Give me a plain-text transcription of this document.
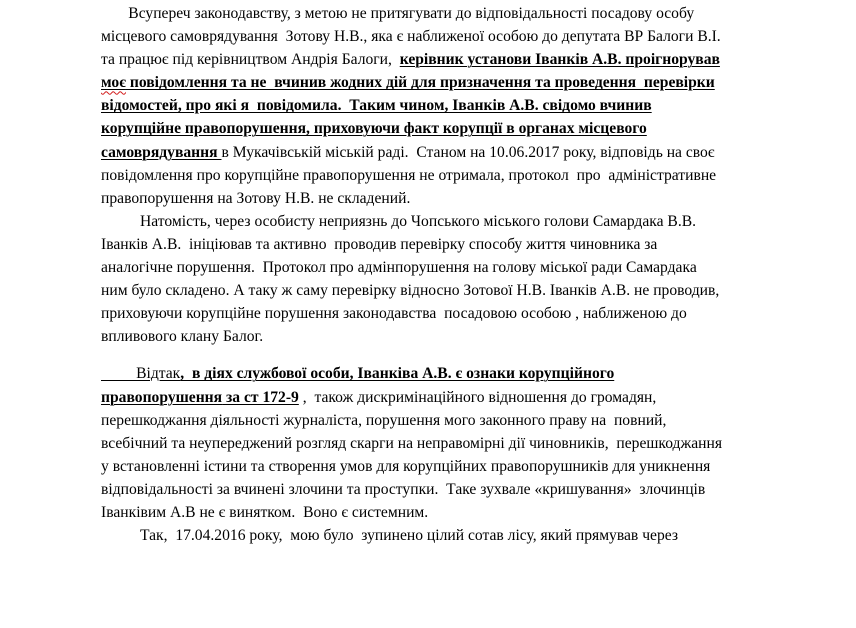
Всупереч законодавству, з метою не притягувати до відповідальності посадову особу
місцевого самоврядування  Зотову Н.В., яка є наближеної особою до депутата ВР Балоги В.І.
та працює під керівництвом Андрія Балоги,  керівник установи Іванків А.В. проігнорував
моє повідомлення та не  вчинив жодних дій для призначення та проведення  перевірки
відомостей, про які я  повідомила.  Таким чином, Іванків А.В. свідомо вчинив
корупційне правопорушення, приховуючи факт корупції в органах місцевого
самоврядування в Мукачівській міській раді.  Станом на 10.06.2017 року, відповідь на своє
повідомлення про корупційне правопорушення не отримала, протокол  про  адміністративне
правопорушення на Зотову Н.В. не складений.
Натомість, через особисту неприязнь до Чопського міського голови Самардака В.В.
Іванків А.В.  ініціював та активно  проводив перевірку способу життя чиновника за
аналогічне порушення.  Протокол про адмінпорушення на голову міської ради Самардака
ним було складено. А таку ж саму перевірку відносно Зотової Н.В. Іванків А.В. не проводив,
приховуючи корупційне порушення законодавства  посадовою особою , наближеною до
впливового клану Балог.
Відтак,  в діях службової особи, Іванківа А.В. є ознаки корупційного
правопорушення за ст 172-9 ,  також дискримінаційного відношення до громадян,
перешкоджання діяльності журналіста, порушення мого законного праву на  повний,
всебічний та неупереджений розгляд скарги на неправомірні дії чиновників,  перешкоджання
у встановленні істини та створення умов для корупційних правопорушників для уникнення
відповідальності за вчинені злочини та проступки.  Таке зухвале «кришування»  злочинців
Іванківим А.В не є винятком.  Воно є системним.
Так,  17.04.2016 року,  мою було  зупинено цілий сотав лісу, який прямував через
